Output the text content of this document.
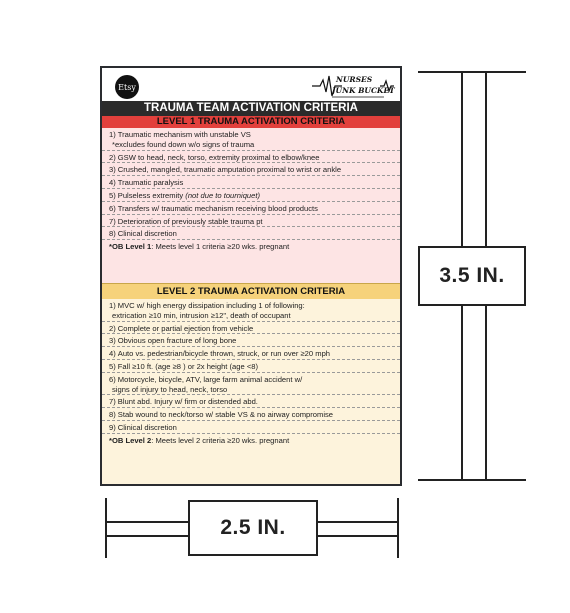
Etsy
NURSES
JUNK BUCKET
TRAUMA TEAM ACTIVATION CRITERIA
LEVEL 1 TRAUMA ACTIVATION CRITERIA
1) Traumatic mechanism with unstable VS
*excludes found down w/o signs of trauma
2) GSW to head, neck, torso, extremity proximal to elbow/knee
3) Crushed, mangled, traumatic amputation proximal to wrist or ankle
4) Traumatic paralysis
5) Pulseless extremity (not due to tourniquet)
6) Transfers w/ traumatic mechanism receiving blood products
7) Deterioration of previously stable trauma pt
8) Clinical discretion
*OB Level 1: Meets level 1 criteria ≥20 wks. pregnant
LEVEL 2 TRAUMA ACTIVATION CRITERIA
1) MVC w/ high energy dissipation including 1 of following:
extrication ≥10 min, intrusion ≥12", death of occupant
2) Complete or partial ejection from vehicle
3) Obvious open fracture of long bone
4) Auto vs. pedestrian/bicycle thrown, struck, or run over ≥20 mph
5) Fall ≥10 ft. (age ≥8 ) or 2x height (age <8)
6) Motorcycle, bicycle, ATV, large farm animal accident w/
signs of injury to head, neck, torso
7) Blunt abd. Injury w/ firm or distended abd.
8) Stab wound to neck/torso w/ stable VS & no airway compromise
9) Clinical discretion
*OB Level 2: Meets level 2 criteria ≥20 wks. pregnant
3.5 IN.
2.5 IN.
